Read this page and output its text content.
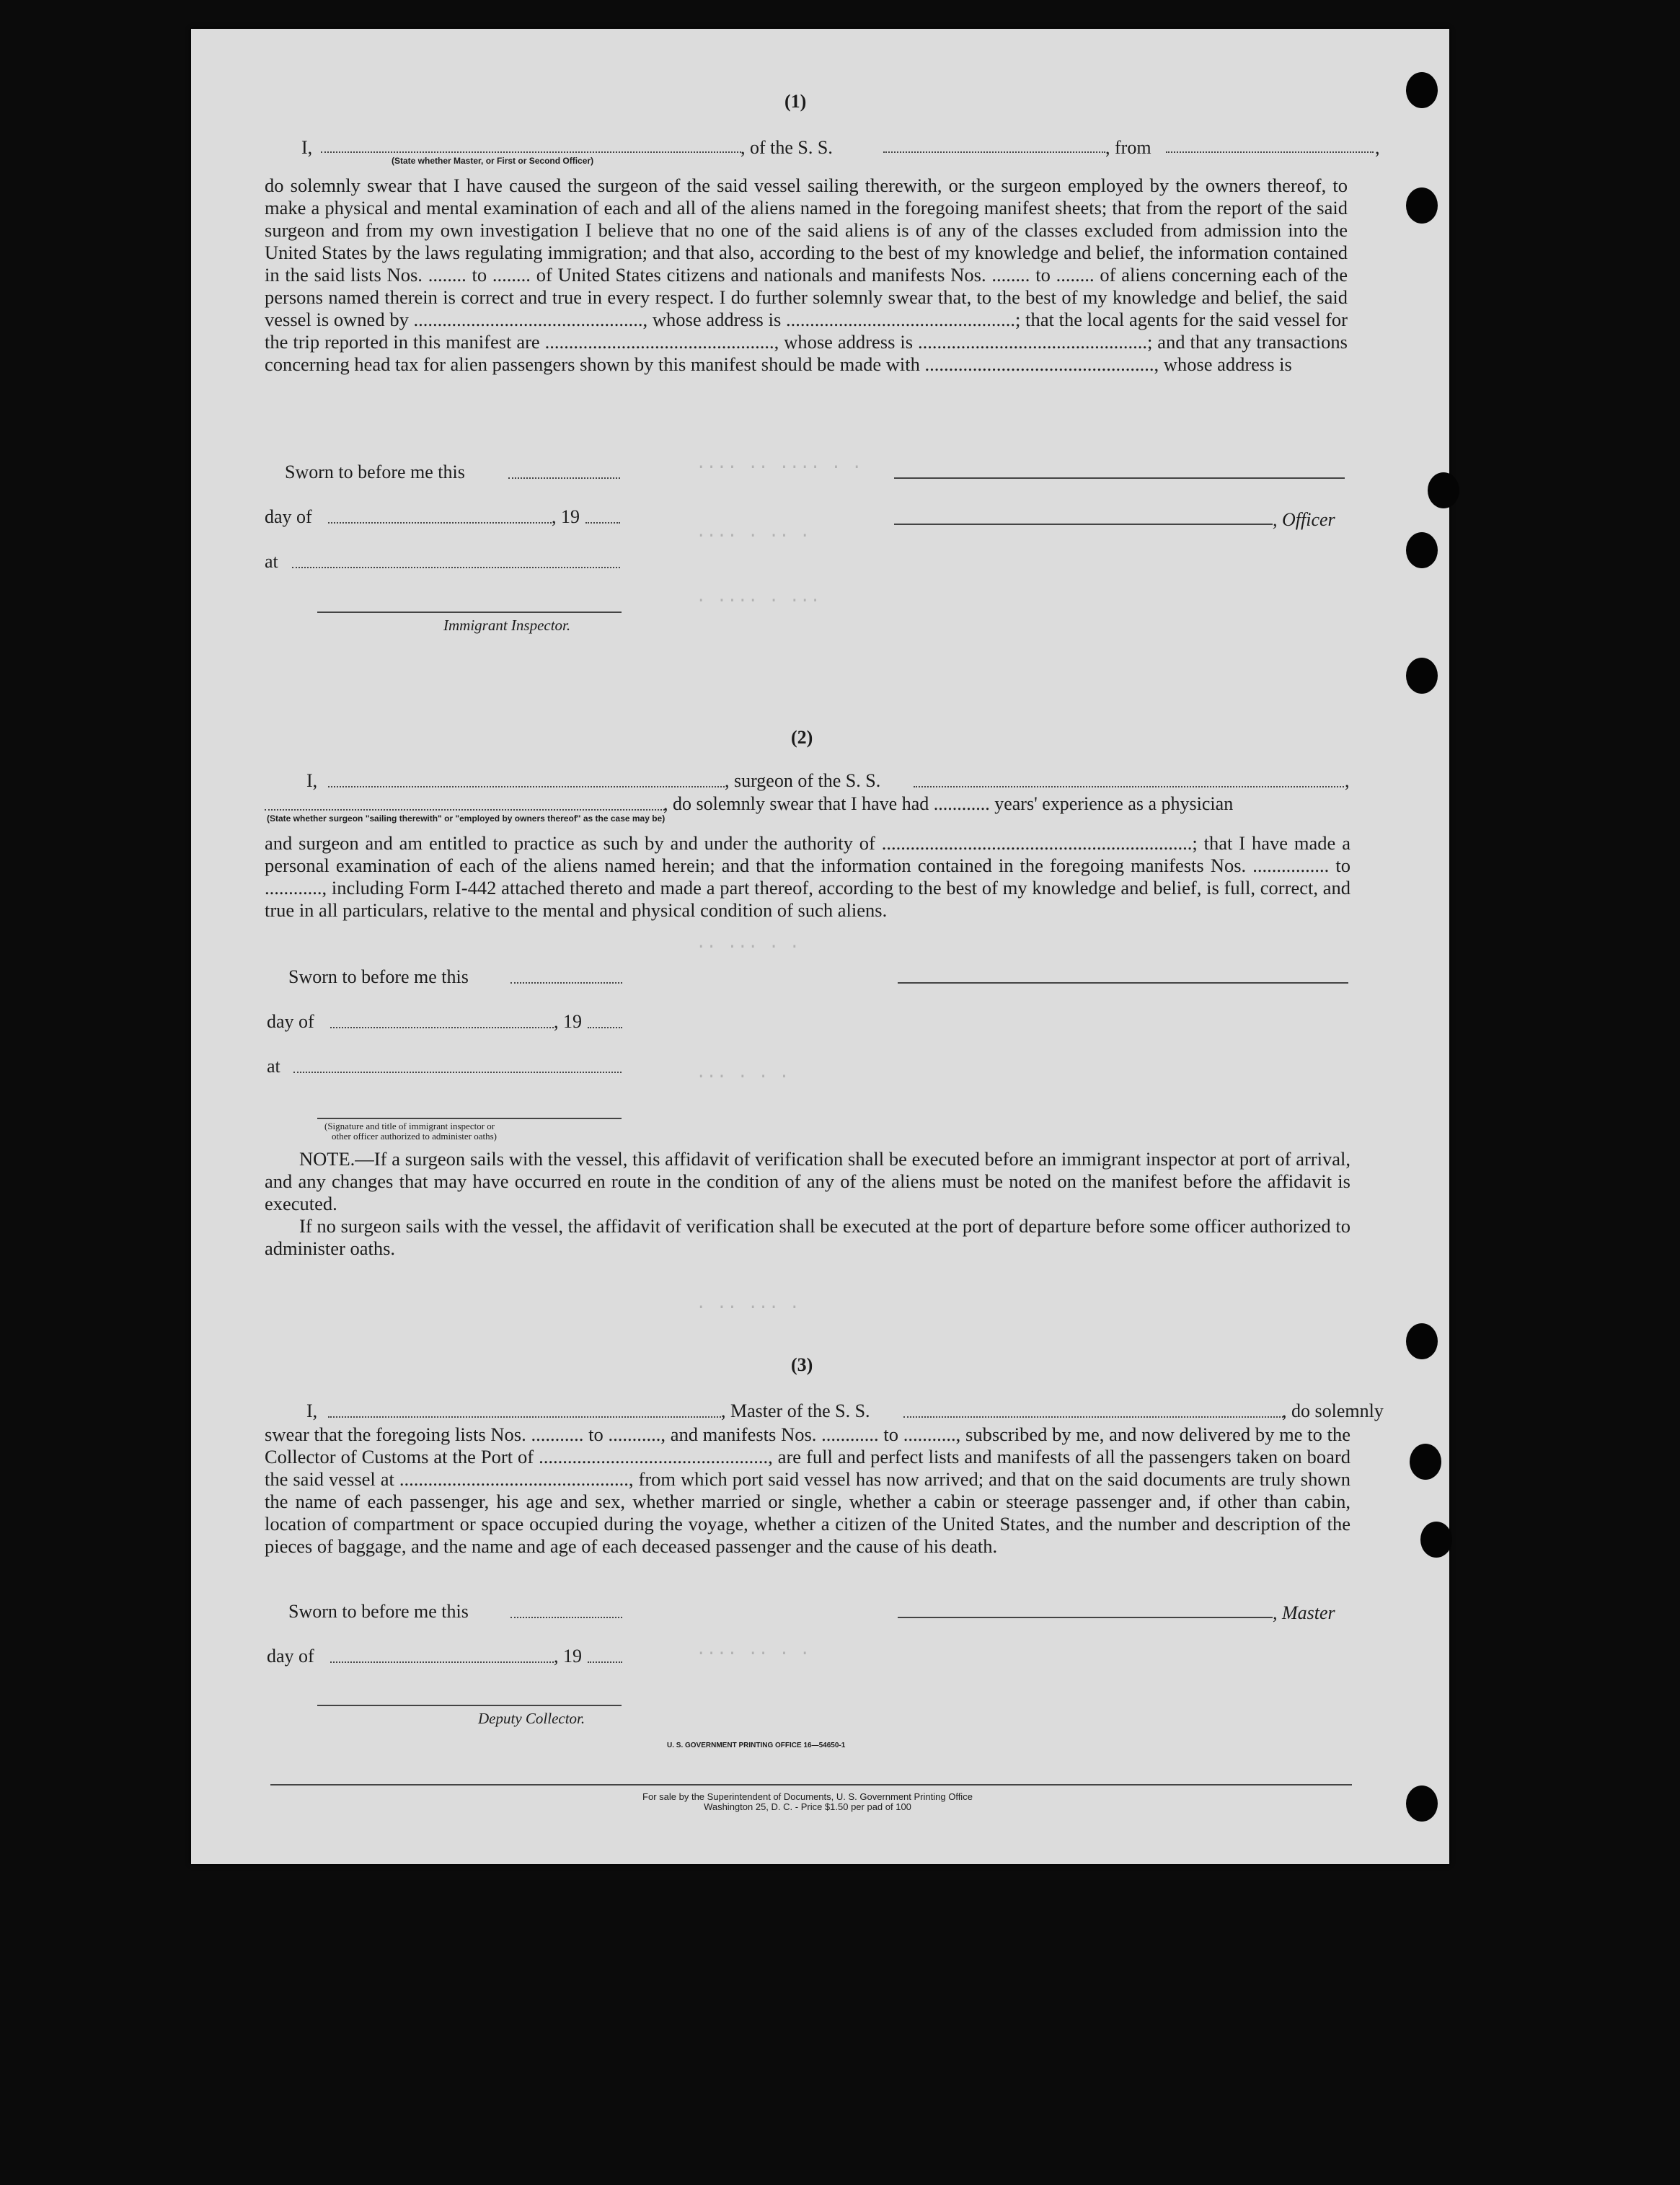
(1)
I,
(State whether Master, or First or Second Officer)
, of the S. S.	, from	,
do solemnly swear that I have caused the surgeon of the said vessel sailing therewith, or the surgeon employed by the owners thereof, to make a physical and mental examination of each and all of the aliens named in the foregoing manifest sheets; that from the report of the said surgeon and from my own investigation I believe that no one of the said aliens is of any of the classes excluded from admission into the United States by the laws regulating immigration; and that also, according to the best of my knowledge and belief, the information contained in the said lists Nos. ........ to ........ of United States citizens and nationals and manifests Nos. ........ to ........ of aliens concerning each of the persons named therein is correct and true in every respect. I do further solemnly swear that, to the best of my knowledge and belief, the said vessel is owned by ................................................, whose address is ................................................; that the local agents for the said vessel for the trip reported in this manifest are ................................................, whose address is ................................................; and that any transactions concerning head tax for alien passengers shown by this manifest should be made with ................................................, whose address is
Sworn to before me this
day of	, 19	, Officer
at
Immigrant Inspector.
(2)
I,	, surgeon of the S. S.	,
(State whether surgeon "sailing therewith" or "employed by owners thereof" as the case may be)
, do solemnly swear that I have had ............ years' experience as a physician
and surgeon and am entitled to practice as such by and under the authority of .................................................................; that I have made a personal examination of each of the aliens named herein; and that the information contained in the foregoing manifests Nos. ................ to ............, including Form I-442 attached thereto and made a part thereof, according to the best of my knowledge and belief, is full, correct, and true in all particulars, relative to the mental and physical condition of such aliens.
Sworn to before me this
day of	, 19
at
(Signature and title of immigrant inspector or
other officer authorized to administer oaths)
NOTE.—If a surgeon sails with the vessel, this affidavit of verification shall be executed before an immigrant inspector at port of arrival, and any changes that may have occurred en route in the condition of any of the aliens must be noted on the manifest before the affidavit is executed.
If no surgeon sails with the vessel, the affidavit of verification shall be executed at the port of departure before some officer authorized to administer oaths.
(3)
I,	, Master of the S. S.	, do solemnly
swear that the foregoing lists Nos. ........... to ..........., and manifests Nos. ............ to ..........., subscribed by me, and now delivered by me to the Collector of Customs at the Port of ................................................, are full and perfect lists and manifests of all the passengers taken on board the said vessel at ................................................, from which port said vessel has now arrived; and that on the said documents are truly shown the name of each passenger, his age and sex, whether married or single, whether a cabin or steerage passenger and, if other than cabin, location of compartment or space occupied during the voyage, whether a citizen of the United States, and the number and description of the pieces of baggage, and the name and age of each deceased passenger and the cause of his death.
Sworn to before me this	, Master
day of	, 19
Deputy Collector.
U. S. GOVERNMENT PRINTING OFFICE 16—54650-1
For sale by the Superintendent of Documents, U. S. Government Printing Office
Washington 25, D. C. - Price $1.50 per pad of 100
···· ·· ···· · ·
···· · ·· ·
· ···· · ···
·· ··· · ·
··· · · ·
· ·· ··· ·
···· ·· · ·
